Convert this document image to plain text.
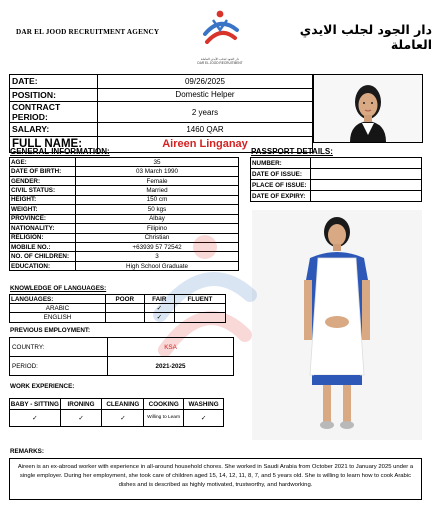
DAR EL JOOD RECRUITMENT AGENCY
دار الجود لجلب الأيدي العاملة
DAR EL JOOD RECRUITMENT
دار الجود لجلب الايدي العاملة
DATE:	09/26/2025
POSITION:	Domestic Helper
CONTRACT PERIOD:	2 years
SALARY:	1460 QAR
FULL NAME:	Aireen Linganay
GENERAL INFORMATION:
AGE:	35
DATE OF BIRTH:	03 March 1990
GENDER:	Female
CIVIL STATUS:	Married
HEIGHT:	150 cm
WEIGHT:	50 kgs
PROVINCE:	Albay
NATIONALITY:	Filipino
RELIGION:	Christian
MOBILE NO.:	+63939 57 72542
NO. OF CHILDREN:	3
EDUCATION:	High School Graduate
PASSPORT DETAILS:
NUMBER:	
DATE OF ISSUE:	
PLACE OF ISSUE:	
DATE OF EXPIRY:	
KNOWLEDGE OF LANGUAGES:
LANGUAGES:	POOR	FAIR	FLUENT
ARABIC		✓	
ENGLISH		✓	
PREVIOUS EMPLOYMENT:
COUNTRY:	KSA
PERIOD:	2021-2025
WORK EXPERIENCE:
BABY - SITTING	IRONING	CLEANING	COOKING	WASHING
✓	✓	✓	Willing to Learn	✓
REMARKS:
Aireen is an ex-abroad worker with experience in all-around household chores. She worked in Saudi Arabia from October 2021 to January 2025 under a single employer. During her employment, she took care of children aged 15, 14, 12, 11, 8, 7, and 5 years old. She is willing to learn how to cook Arabic dishes and is described as highly motivated, trustworthy, and hardworking.
